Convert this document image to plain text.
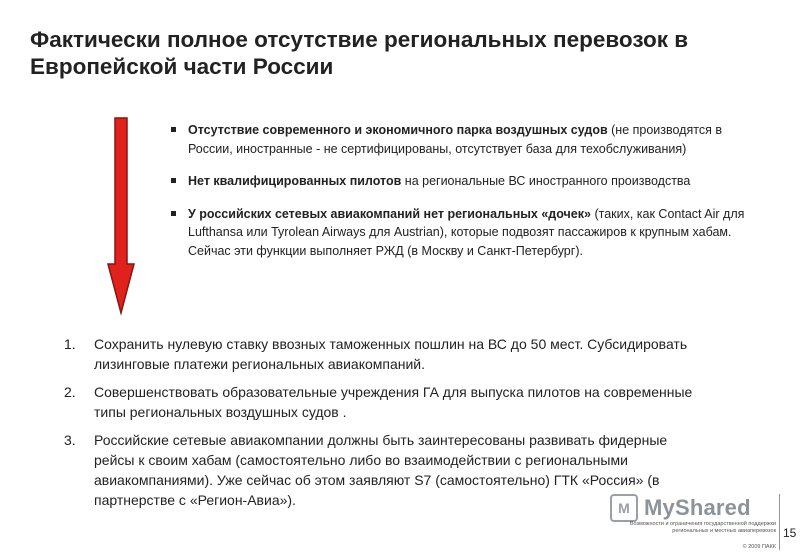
Фактически полное отсутствие региональных перевозок в Европейской части России
Отсутствие современного и экономичного парка воздушных судов (не производятся в России, иностранные - не сертифицированы, отсутствует база для техобслуживания)
Нет квалифицированных пилотов на региональные ВС иностранного производства
У российских сетевых авиакомпаний нет региональных «дочек» (таких, как Contact Air для Lufthansa или Tyrolean Airways для Austrian), которые подвозят пассажиров к крупным хабам. Сейчас эти функции выполняет РЖД (в Москву и Санкт-Петербург).
1.	Сохранить нулевую ставку ввозных таможенных пошлин на ВС до 50 мест. Субсидировать лизинговые платежи региональных авиакомпаний.
2.	Совершенствовать образовательные учреждения ГА для выпуска пилотов на современные типы региональных воздушных судов .
3.	Российские сетевые авиакомпании должны быть заинтересованы развивать фидерные рейсы к своим хабам (самостоятельно либо во взаимодействии с региональными авиакомпаниями). Уже сейчас об этом заявляют S7 (самостоятельно) ГТК «Россия» (в партнерстве с «Регион-Авиа»).	M MyShared
Возможности и ограничения государственной поддержки региональных и местных авиаперевозок
© 2009 ПАКК
15
